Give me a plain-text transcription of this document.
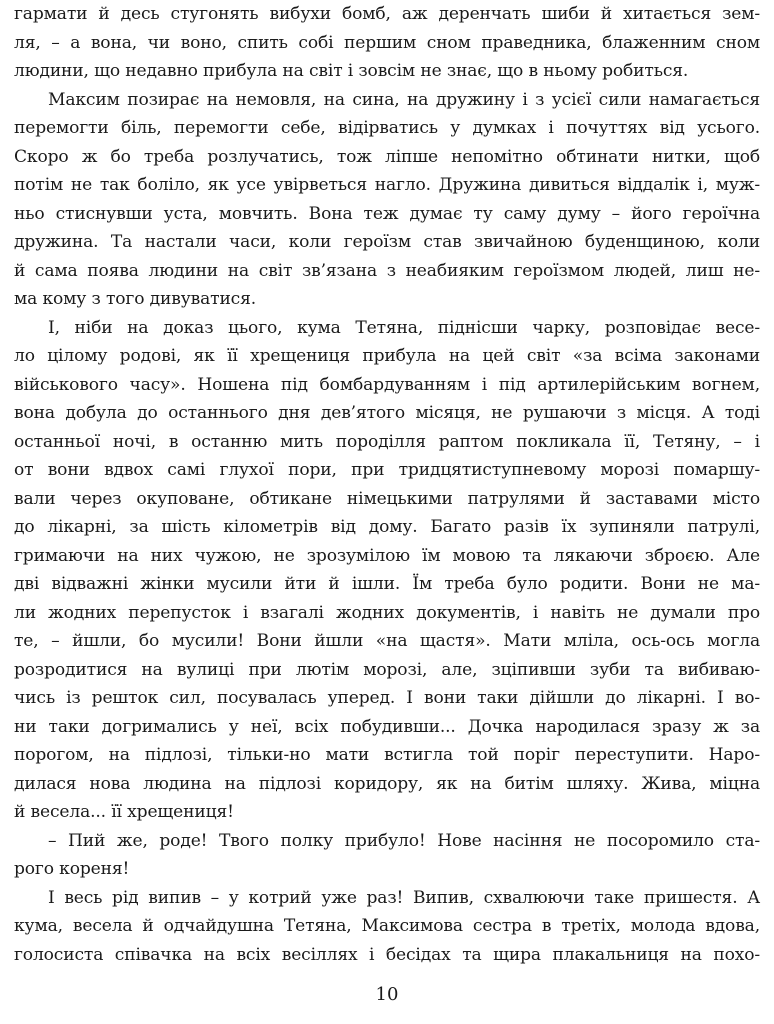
гармати й десь стугонять вибухи бомб, аж деренчать шиби й хитається зем-
ля, – а вона, чи воно, спить собі першим сном праведника, блаженним сном
людини, що недавно прибула на світ і зовсім не знає, що в ньому робиться.
Максим позирає на немовля, на сина, на дружину і з усієї сили намагається
перемогти біль, перемогти себе, відірватись у думках і почуттях від усього.
Скоро ж бо треба розлучатись, тож ліпше непомітно обтинати нитки, щоб
потім не так боліло, як усе увірветься нагло. Дружина дивиться віддалік і, муж-
ньо стиснувши уста, мовчить. Вона теж думає ту саму думу – його героїчна
дружина. Та настали часи, коли героїзм став звичайною буденщиною, коли
й сама поява людини на світ зв’язана з неабияким героїзмом людей, лиш не-
ма кому з того дивуватися.
І, ніби на доказ цього, кума Тетяна, піднісши чарку, розповідає весе-
ло цілому родові, як її хрещениця прибула на цей світ «за всіма законами
військового часу». Ношена під бомбардуванням і під артилерійським вогнем,
вона добула до останнього дня дев’ятого місяця, не рушаючи з місця. А тоді
останньої ночі, в останню мить породілля раптом покликала її, Тетяну, – і
от вони вдвох самі глухої пори, при тридцятиступневому морозі помаршу-
вали через окуповане, обтикане німецькими патрулями й заставами місто
до лікарні, за шість кілометрів від дому. Багато разів їх зупиняли патрулі,
гримаючи на них чужою, не зрозумілою їм мовою та лякаючи зброєю. Але
дві відважні жінки мусили йти й ішли. Їм треба було родити. Вони не ма-
ли жодних перепусток і взагалі жодних документів, і навіть не думали про
те, – йшли, бо мусили! Вони йшли «на щастя». Мати мліла, ось-ось могла
розродитися на вулиці при лютім морозі, але, зціпивши зуби та вибиваю-
чись із решток сил, посувалась уперед. І вони таки дійшли до лікарні. І во-
ни таки догримались у неї, всіх побудивши... Дочка народилася зразу ж за
порогом, на підлозі, тільки-но мати встигла той поріг переступити. Наро-
дилася нова людина на підлозі коридору, як на битім шляху. Жива, міцна
й весела... її хрещениця!
– Пий же, роде! Твого полку прибуло! Нове насіння не посоромило ста-
рого кореня!
І весь рід випив – у котрий уже раз! Випив, схвалюючи таке пришестя. А
кума, весела й одчайдушна Тетяна, Максимова сестра в третіх, молода вдова,
голосиста співачка на всіх весіллях і бесідах та щира плакальниця на похо-
10
